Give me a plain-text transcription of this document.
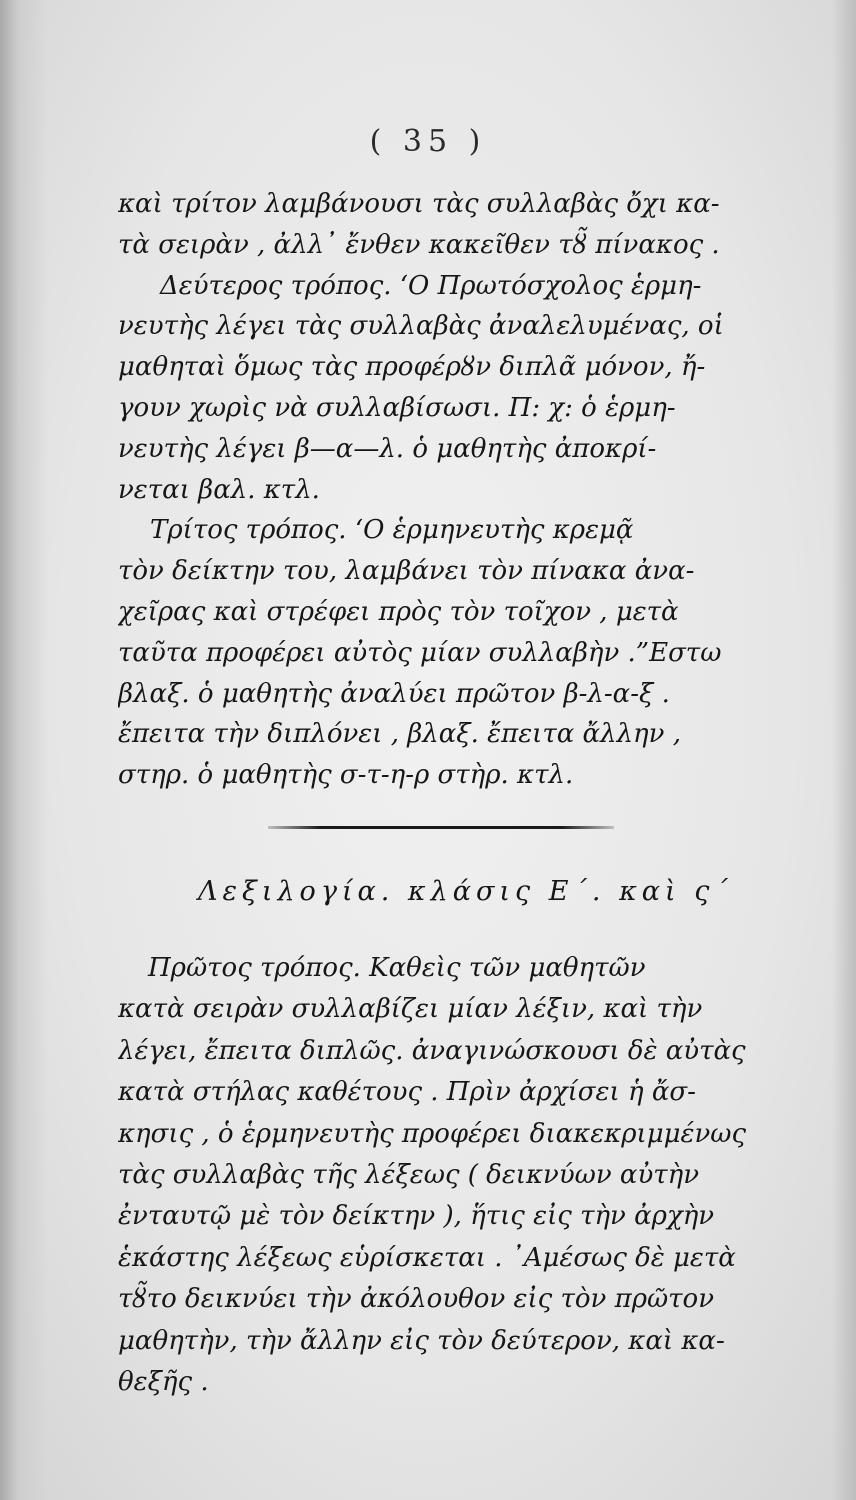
( 35 )
καὶ τρίτον λαμβάνουσι τὰς συλλαβὰς ὄχι κα-
τὰ σειρὰν , ἀλλ᾽ ἔνθεν κακεῖθεν τȣ̃ πίνακος .
Δεύτερος τρόπος. ‘Ο Πρωτόσχολος ἑρμη-
νευτὴς λέγει τὰς συλλαβὰς ἀναλελυμένας, οἱ
μαθηταὶ ὅμως τὰς προφέρȣν διπλᾶ μόνον, ἤ-
γουν χωρὶς νὰ συλλαβίσωσι. Π: χ: ὁ ἑρμη-
νευτὴς λέγει β—α—λ. ὁ μαθητὴς ἀποκρί-
νεται βαλ. κτλ.
Τρίτος τρόπος. ‘Ο ἑρμηνευτὴς κρεμᾷ
τὸν δείκτην του, λαμβάνει τὸν πίνακα ἀνα-
χεῖρας καὶ στρέφει πρὸς τὸν τοῖχον , μετὰ
ταῦτα προφέρει αὐτὸς μίαν συλλαβὴν .”Εστω
βλαξ. ὁ μαθητὴς ἀναλύει πρῶτον β-λ-α-ξ .
ἔπειτα τὴν διπλόνει , βλαξ. ἔπειτα ἄλλην ,
στηρ. ὁ μαθητὴς σ-τ-η-ρ στὴρ. κτλ.
Λεξιλογία. κλάσις Ε΄. καὶ ς΄
Πρῶτος τρόπος. Καθεὶς τῶν μαθητῶν
κατὰ σειρὰν συλλαβίζει μίαν λέξιν, καὶ τὴν
λέγει, ἔπειτα διπλῶς. ἀναγινώσκουσι δὲ αὐτὰς
κατὰ στήλας καθέτους . Πρὶν ἀρχίσει ἡ ἄσ-
κησις , ὁ ἑρμηνευτὴς προφέρει διακεκριμμένως
τὰς συλλαβὰς τῆς λέξεως ( δεικνύων αὐτὴν
ἐνταυτῷ μὲ τὸν δείκτην ), ἥτις εἰς τὴν ἀρχὴν
ἑκάστης λέξεως εὑρίσκεται . ᾽Αμέσως δὲ μετὰ
τȣ̃το δεικνύει τὴν ἀκόλουθον εἰς τὸν πρῶτον
μαθητὴν, τὴν ἄλλην εἰς τὸν δεύτερον, καὶ κα-
θεξῆς .
